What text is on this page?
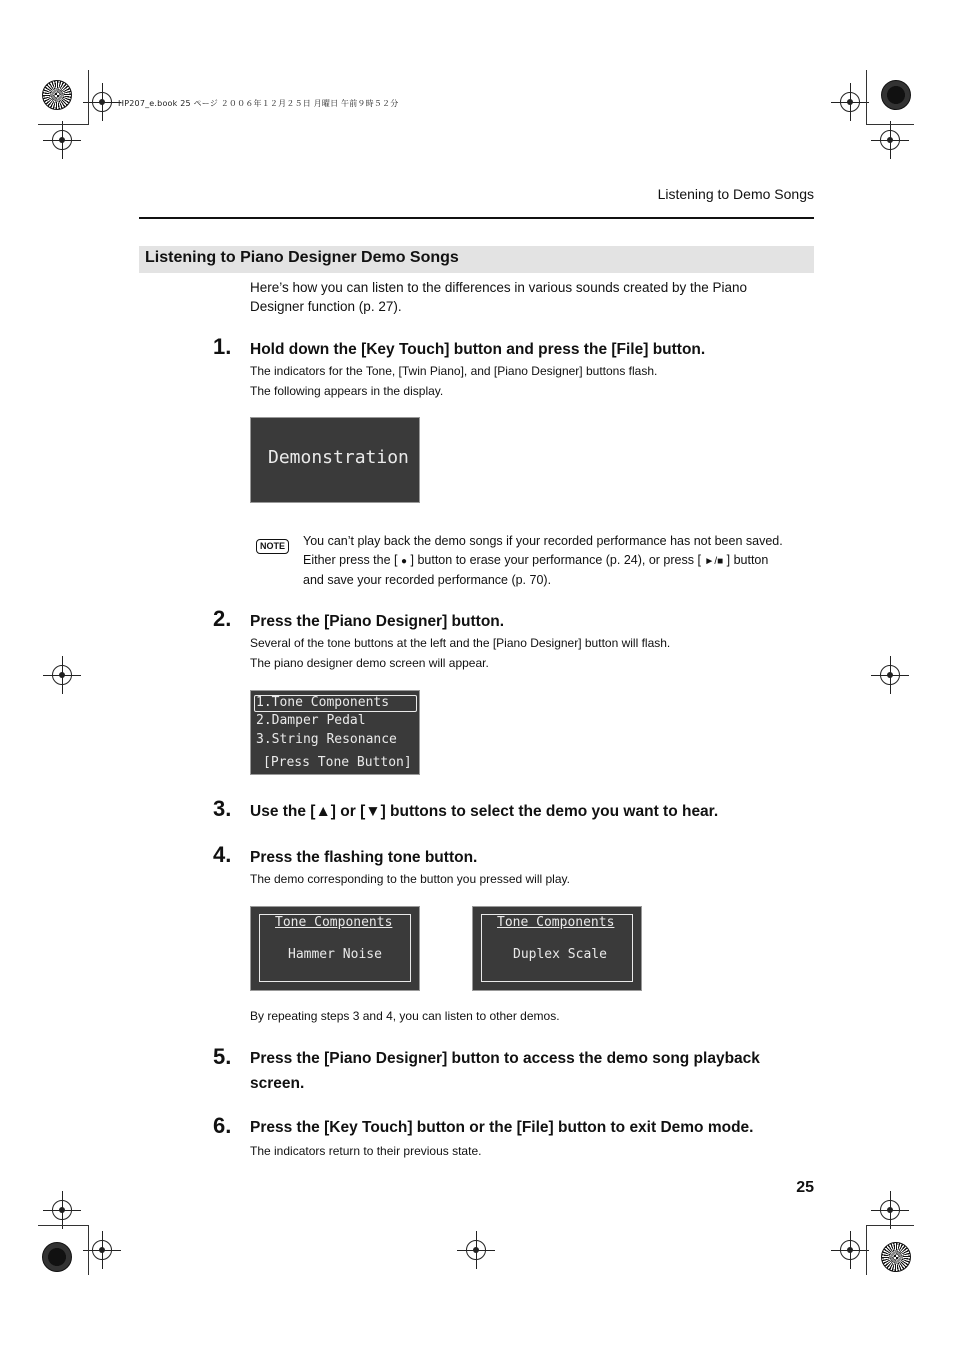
HP207_e.book 25 ページ ２００６年１２月２５日 月曜日 午前９時５２分
Listening to Demo Songs
Listening to Piano Designer Demo Songs
Here’s how you can listen to the differences in various sounds created by the Piano Designer function (p. 27).
1. Hold down the [Key Touch] button and press the [File] button.
The indicators for the Tone, [Twin Piano], and [Piano Designer] buttons flash.
The following appears in the display.
Demonstration
NOTE	You can’t play back the demo songs if your recorded performance has not been saved.
Either press the [ ● ] button to erase your performance (p. 24), or press [ ►/■ ] button
and save your recorded performance (p. 70).
2. Press the [Piano Designer] button.
Several of the tone buttons at the left and the [Piano Designer] button will flash.
The piano designer demo screen will appear.
1.Tone Components
2.Damper Pedal
3.String Resonance
[Press Tone Button]
3. Use the [▲] or [▼] buttons to select the demo you want to hear.
4. Press the flashing tone button.
The demo corresponding to the button you pressed will play.
Tone Components
Hammer Noise
Tone Components
Duplex Scale
By repeating steps 3 and 4, you can listen to other demos.
5. Press the [Piano Designer] button to access the demo song playback screen.
6. Press the [Key Touch] button or the [File] button to exit Demo mode.
The indicators return to their previous state.
25
